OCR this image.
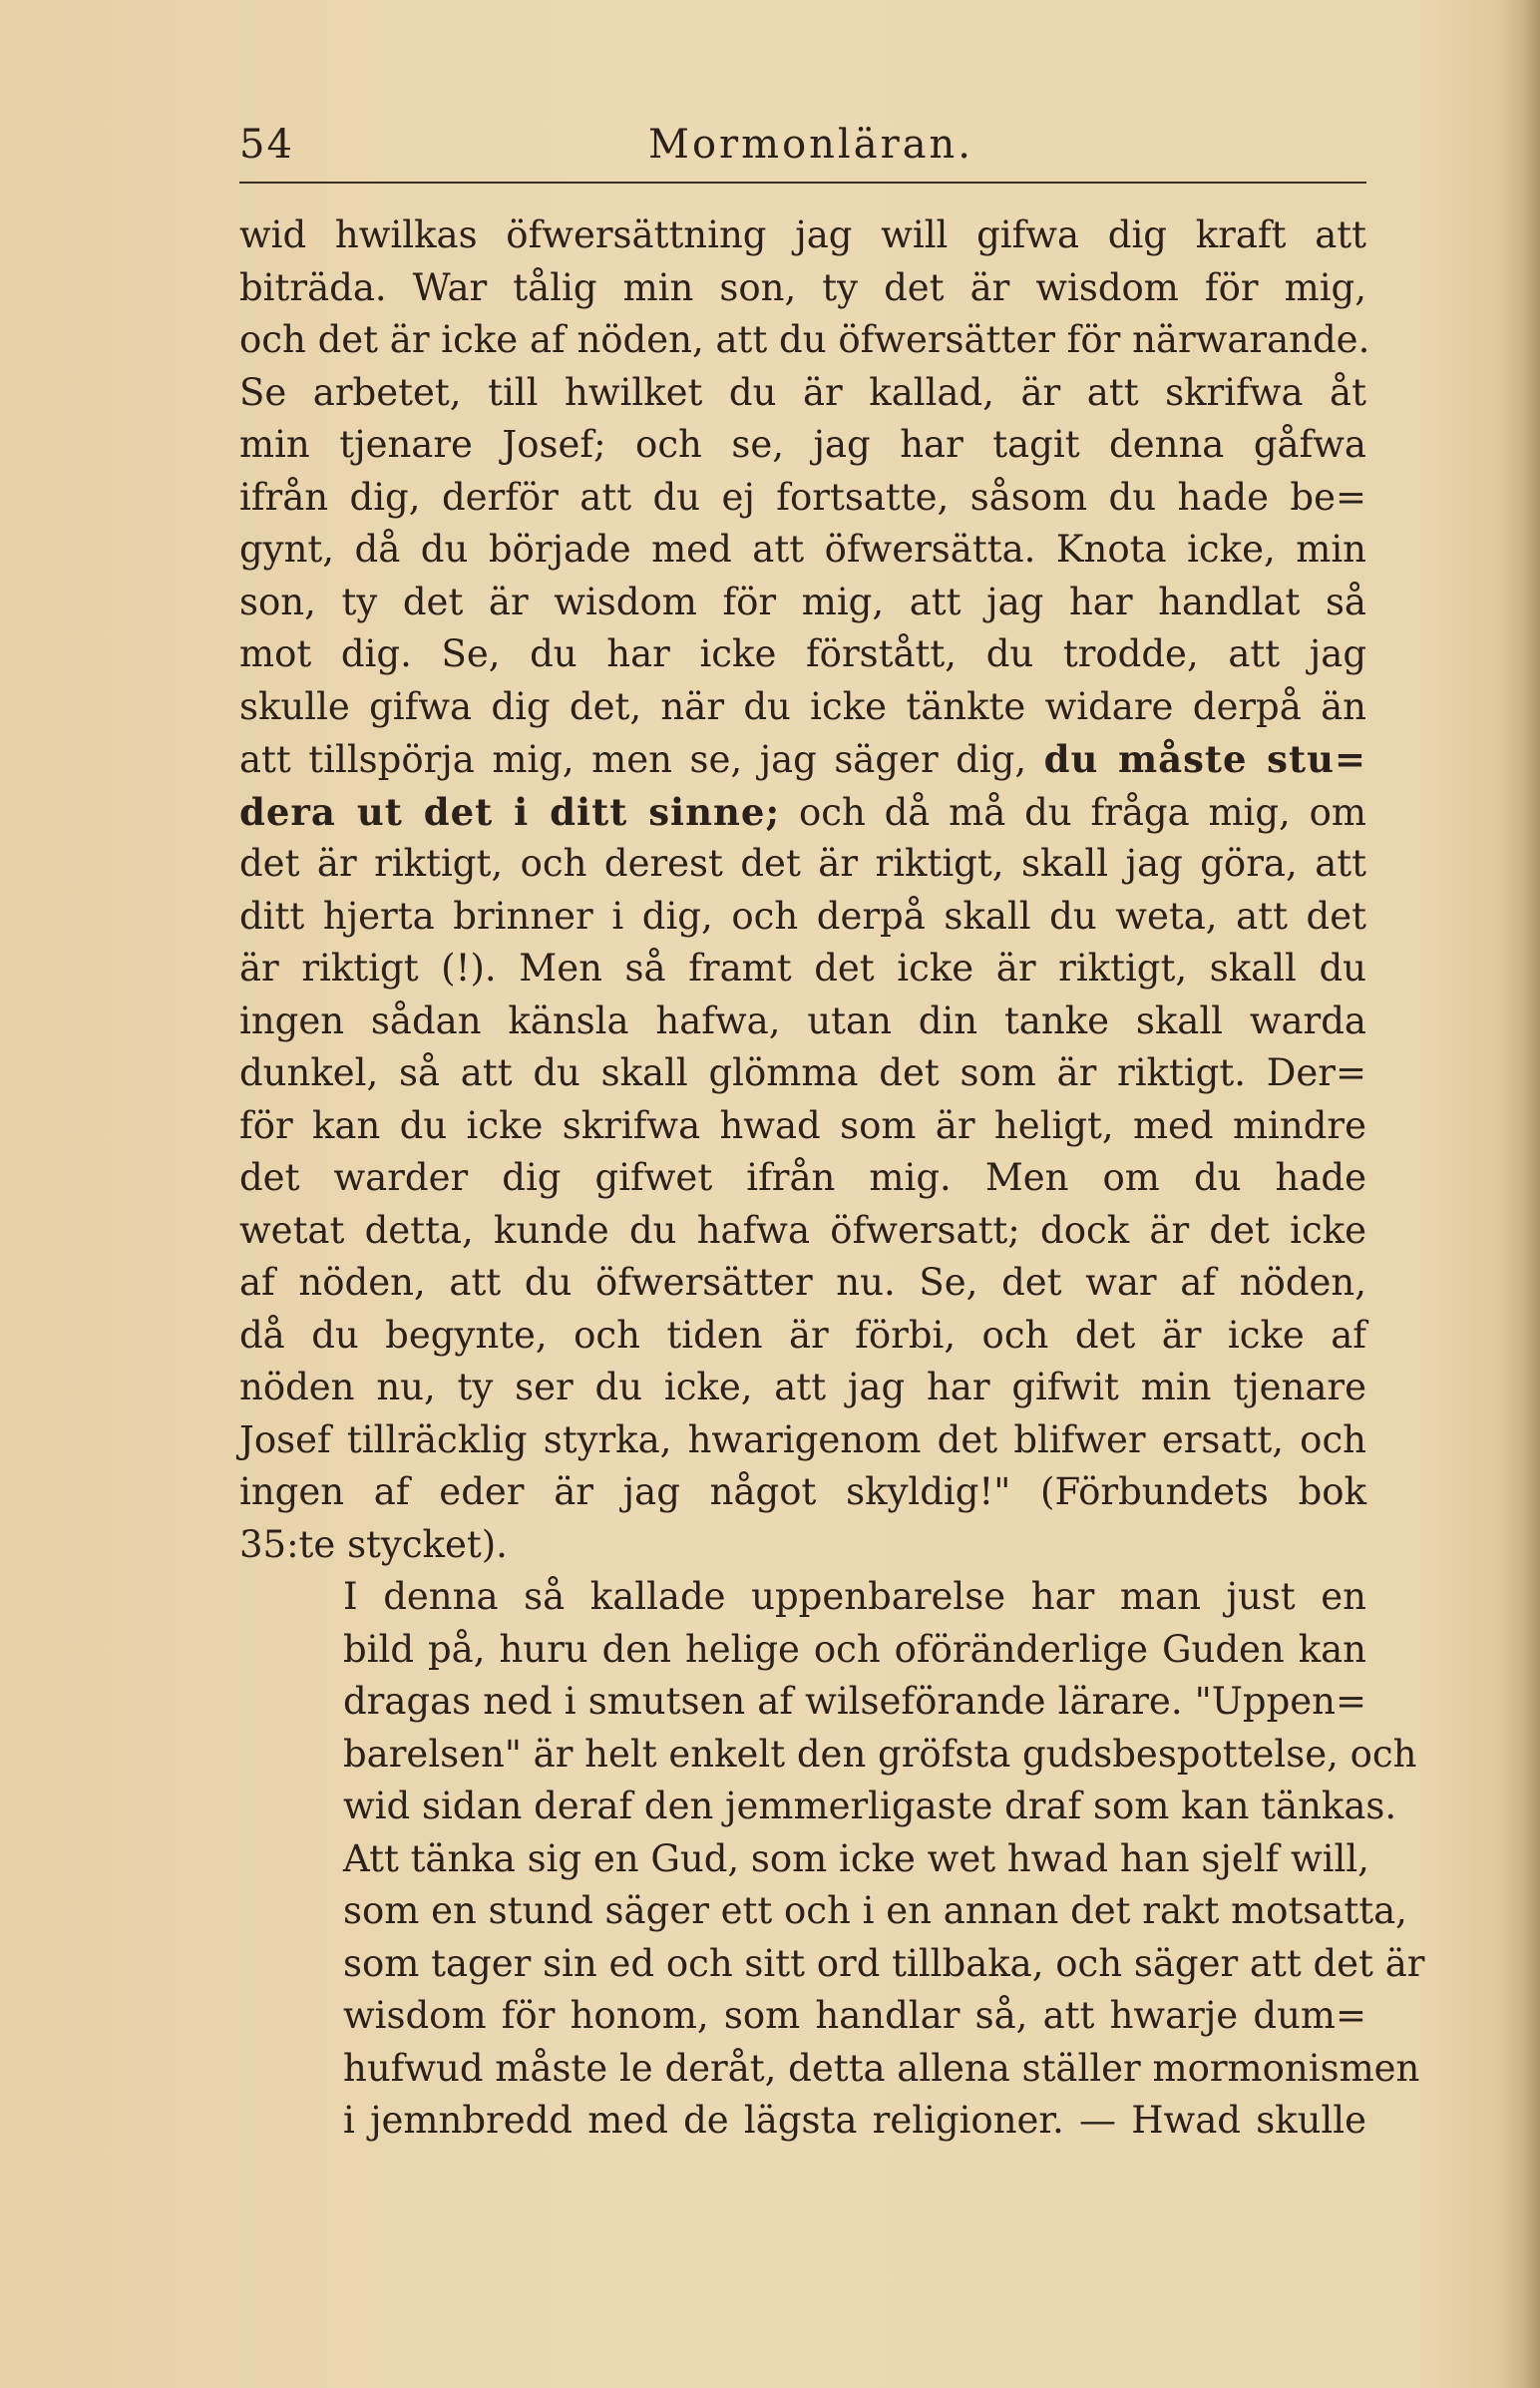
54	Mormonläran.
wid hwilkas öfwersättning jag will gifwa dig kraft att
biträda. War tålig min son, ty det är wisdom för mig,
och det är icke af nöden, att du öfwersätter för närwarande.
Se arbetet, till hwilket du är kallad, är att skrifwa åt
min tjenare Josef; och se, jag har tagit denna gåfwa
ifrån dig, derför att du ej fortsatte, såsom du hade be=
gynt, då du började med att öfwersätta. Knota icke, min
son, ty det är wisdom för mig, att jag har handlat så
mot dig. Se, du har icke förstått, du trodde, att jag
skulle gifwa dig det, när du icke tänkte widare derpå än
att tillspörja mig, men se, jag säger dig, du måste stu=
dera ut det i ditt sinne; och då må du fråga mig, om
det är riktigt, och derest det är riktigt, skall jag göra, att
ditt hjerta brinner i dig, och derpå skall du weta, att det
är riktigt (!). Men så framt det icke är riktigt, skall du
ingen sådan känsla hafwa, utan din tanke skall warda
dunkel, så att du skall glömma det som är riktigt. Der=
för kan du icke skrifwa hwad som är heligt, med mindre
det warder dig gifwet ifrån mig. Men om du hade
wetat detta, kunde du hafwa öfwersatt; dock är det icke
af nöden, att du öfwersätter nu. Se, det war af nöden,
då du begynte, och tiden är förbi, och det är icke af
nöden nu, ty ser du icke, att jag har gifwit min tjenare
Josef tillräcklig styrka, hwarigenom det blifwer ersatt, och
ingen af eder är jag något skyldig!" (Förbundets bok
35:te stycket).
I denna så kallade uppenbarelse har man just en
bild på, huru den helige och oföränderlige Guden kan
dragas ned i smutsen af wilseförande lärare. "Uppen=
barelsen" är helt enkelt den gröfsta gudsbespottelse, och
wid sidan deraf den jemmerligaste draf som kan tänkas.
Att tänka sig en Gud, som icke wet hwad han sjelf will,
som en stund säger ett och i en annan det rakt motsatta,
som tager sin ed och sitt ord tillbaka, och säger att det är
wisdom för honom, som handlar så, att hwarje dum=
hufwud måste le deråt, detta allena ställer mormonismen
i jemnbredd med de lägsta religioner. — Hwad skulle
